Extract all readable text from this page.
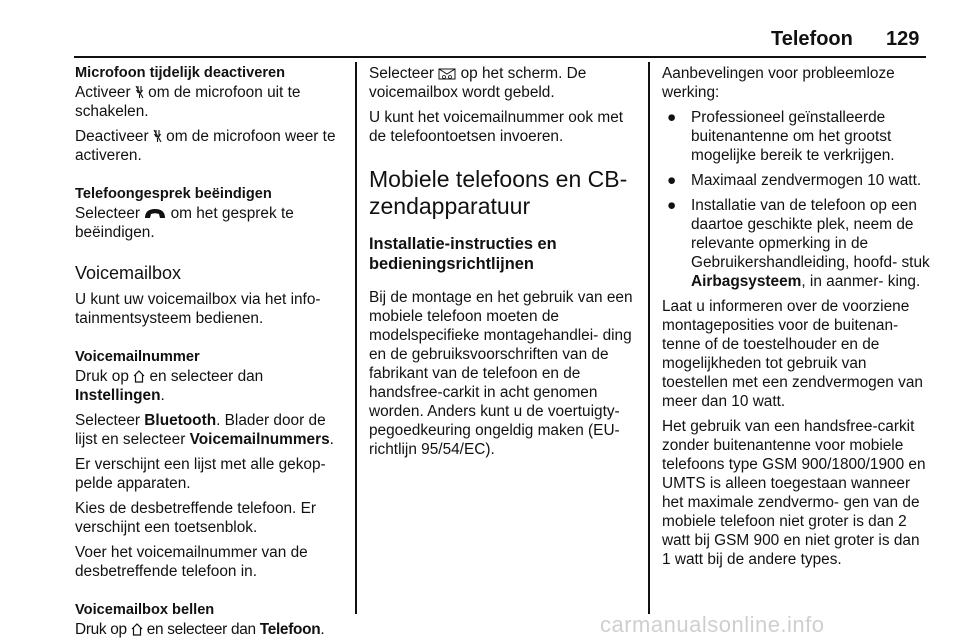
Telefoon 129

Microfoon tijdelijk deactiveren

Activeer  om de microfoon uit te schakelen.

Deactiveer  om de microfoon weer te activeren.

Telefoongesprek beëindigen

Selecteer  om het gesprek te beëindigen.

Voicemailbox

U kunt uw voicemailbox via het info- tainmentsysteem bedienen.

Voicemailnummer

Druk op  en selecteer dan Instellingen.

Selecteer Bluetooth. Blader door de lijst en selecteer Voicemailnummers.

Er verschijnt een lijst met alle gekop- pelde apparaten.

Kies de desbetreffende telefoon. Er verschijnt een toetsenblok.

Voer het voicemailnummer van de desbetreffende telefoon in.

Voicemailbox bellen

Druk op  en selecteer dan Telefoon.

Selecteer  op het scherm. De voicemailbox wordt gebeld.

U kunt het voicemailnummer ook met de telefoontoetsen invoeren.

Mobiele telefoons en CB-zendapparatuur
Installatie-instructies en bedieningsrichtlijnen

Bij de montage en het gebruik van een mobiele telefoon moeten de modelspecifieke montagehandlei- ding en de gebruiksvoorschriften van de fabrikant van de telefoon en de handsfree-carkit in acht genomen worden. Anders kunt u de voertuigty- pegoedkeuring ongeldig maken (EU- richtlijn 95/54/EC).

Aanbevelingen voor probleemloze werking:

● Professioneel geïnstalleerde buitenantenne om het grootst mogelijke bereik te verkrijgen.
● Maximaal zendvermogen 10 watt.
● Installatie van de telefoon op een daartoe geschikte plek, neem de relevante opmerking in de Gebruikershandleiding, hoofd- stuk Airbagsysteem, in aanmer- king.

Laat u informeren over de voorziene montageposities voor de buitenan- tenne of de toestelhouder en de mogelijkheden tot gebruik van toestellen met een zendvermogen van meer dan 10 watt.

Het gebruik van een handsfree-carkit zonder buitenantenne voor mobiele telefoons type GSM 900/1800/1900 en UMTS is alleen toegestaan wanneer het maximale zendvermo- gen van de mobiele telefoon niet groter is dan 2 watt bij GSM 900 en niet groter is dan 1 watt bij de andere types.

carmanualsonline.info
